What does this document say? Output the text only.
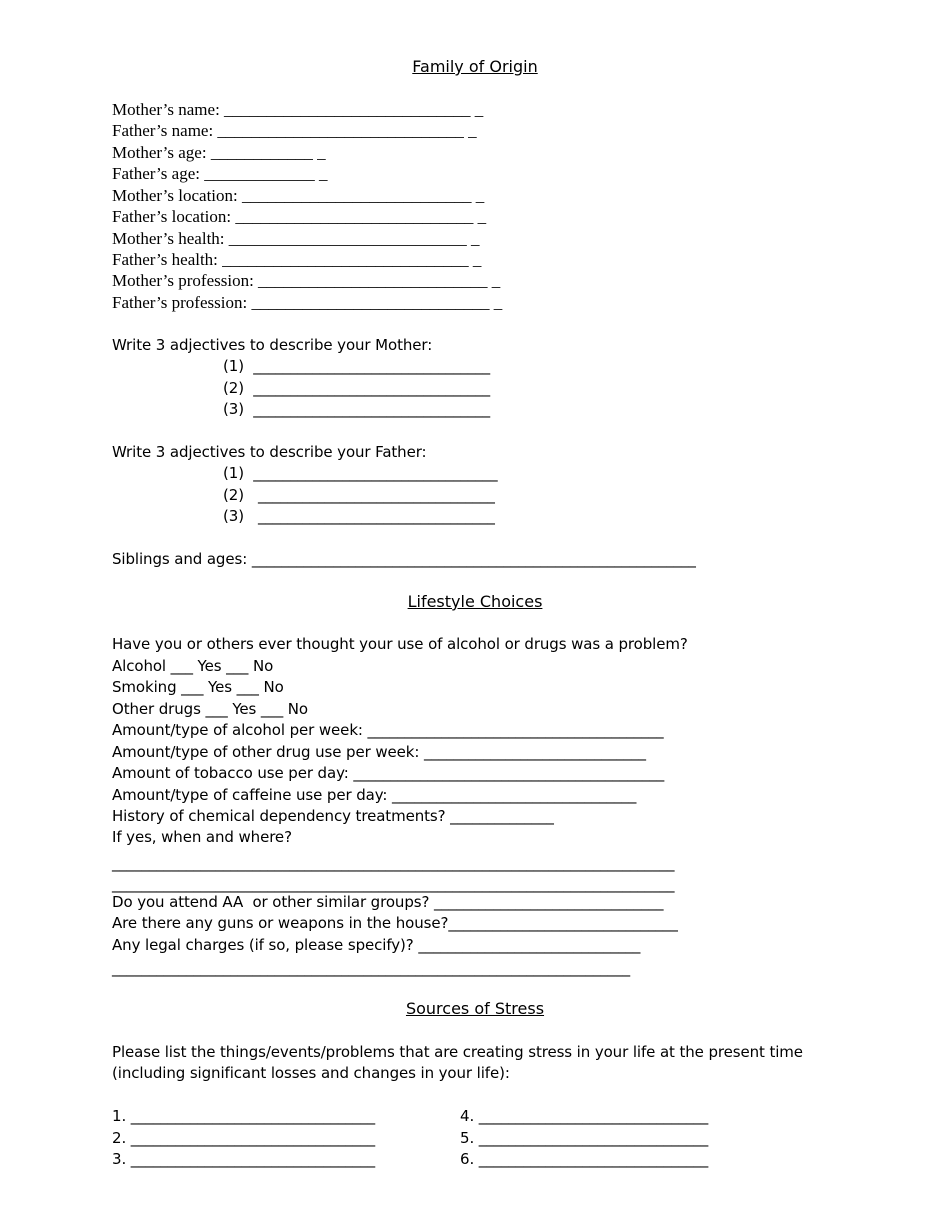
Family of Origin
Mother’s name: _____________________________ _
Father’s name: _____________________________ _
Mother’s age: ____________ _
Father’s age: _____________ _
Mother’s location: ___________________________ _
Father’s location: ____________________________ _
Mother’s health: ____________________________ _
Father’s health: _____________________________ _
Mother’s profession: ___________________________ _
Father’s profession: ____________________________ _
Write 3 adjectives to describe your Mother:
(1)  ________________________________
(2)  ________________________________
(3)  ________________________________
Write 3 adjectives to describe your Father:
(1)  _________________________________
(2)   ________________________________
(3)   ________________________________
Siblings and ages: ____________________________________________________________
Lifestyle Choices
Have you or others ever thought your use of alcohol or drugs was a problem?
Alcohol ___ Yes ___ No
Smoking ___ Yes ___ No
Other drugs ___ Yes ___ No
Amount/type of alcohol per week: ________________________________________
Amount/type of other drug use per week: ______________________________
Amount of tobacco use per day: __________________________________________
Amount/type of caffeine use per day: _________________________________
History of chemical dependency treatments? ______________
If yes, when and where?
____________________________________________________________________________
____________________________________________________________________________
Do you attend AA  or other similar groups? _______________________________
Are there any guns or weapons in the house?_______________________________
Any legal charges (if so, please specify)? ______________________________
______________________________________________________________________
Sources of Stress
Please list the things/events/problems that are creating stress in your life at the present time
(including significant losses and changes in your life):
1. _________________________________
2. _________________________________
3. _________________________________
4. _______________________________
5. _______________________________
6. _______________________________
